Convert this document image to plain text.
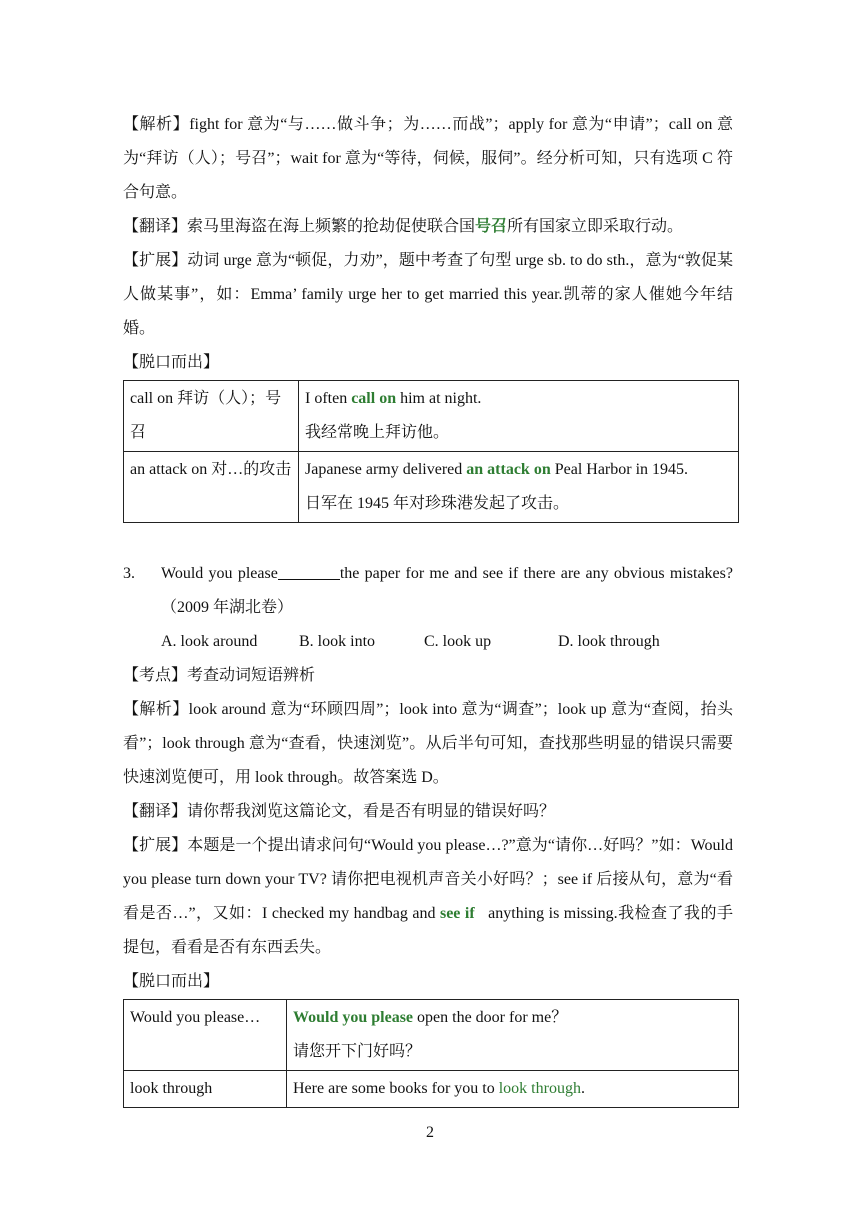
【解析】fight for 意为“与……做斗争；为……而战”；apply for 意为“申请”；call on 意为“拜访（人）；号召”；wait for 意为“等待，伺候，服伺”。经分析可知，只有选项 C 符合句意。

【翻译】索马里海盗在海上频繁的抢劫促使联合国号召所有国家立即采取行动。

【扩展】动词 urge 意为“顿促，力劝”，题中考查了句型 urge sb. to do sth.，意为“敦促某人做某事”，如：Emma’ family urge her to get married this year.凯蒂的家人催她今年结婚。

【脱口而出】

call on 拜访（人）；号召	I often call on him at night.
我经常晚上拜访他。
an attack on 对…的攻击	Japanese army delivered an attack on Peal Harbor in 1945.
日军在 1945 年对珍珠港发起了攻击。

3. Would you please	the paper for me and see if there are any obvious mistakes?（2009 年湖北卷）

A. look around	B. look into	C. look up	D. look through

【考点】考查动词短语辨析

【解析】look around 意为“环顾四周”；look into 意为“调查”；look up 意为“查阅，抬头看”；look through 意为“查看，快速浏览”。从后半句可知，查找那些明显的错误只需要快速浏览便可，用 look through。故答案选 D。

【翻译】请你帮我浏览这篇论文，看是否有明显的错误好吗？

【扩展】本题是一个提出请求问句“Would you please…?”意为“请你…好吗？”如：Would you please turn down your TV? 请你把电视机声音关小好吗？；see if 后接从句，意为“看看是否…”，又如：I checked my handbag and see if   anything is missing.我检查了我的手提包，看看是否有东西丢失。

【脱口而出】

Would you please…	Would you please open the door for me？
请您开下门好吗？
look through	Here are some books for you to look through.
2
